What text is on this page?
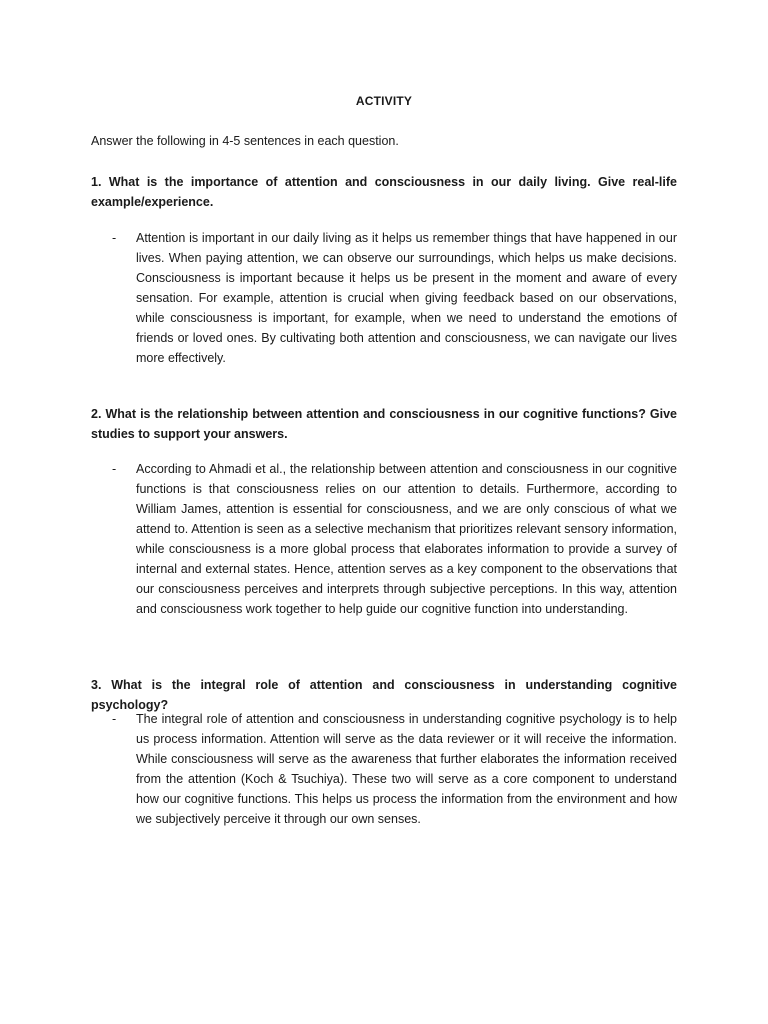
ACTIVITY
Answer the following in 4-5 sentences in each question.
1. What is the importance of attention and consciousness in our daily living. Give real-life example/experience.
- Attention is important in our daily living as it helps us remember things that have happened in our lives. When paying attention, we can observe our surroundings, which helps us make decisions. Consciousness is important because it helps us be present in the moment and aware of every sensation. For example, attention is crucial when giving feedback based on our observations, while consciousness is important, for example, when we need to understand the emotions of friends or loved ones. By cultivating both attention and consciousness, we can navigate our lives more effectively.
2. What is the relationship between attention and consciousness in our cognitive functions? Give studies to support your answers.
- According to Ahmadi et al., the relationship between attention and consciousness in our cognitive functions is that consciousness relies on our attention to details. Furthermore, according to William James, attention is essential for consciousness, and we are only conscious of what we attend to. Attention is seen as a selective mechanism that prioritizes relevant sensory information, while consciousness is a more global process that elaborates information to provide a survey of internal and external states. Hence, attention serves as a key component to the observations that our consciousness perceives and interprets through subjective perceptions. In this way, attention and consciousness work together to help guide our cognitive function into understanding.
3. What is the integral role of attention and consciousness in understanding cognitive psychology?
- The integral role of attention and consciousness in understanding cognitive psychology is to help us process information. Attention will serve as the data reviewer or it will receive the information. While consciousness will serve as the awareness that further elaborates the information received from the attention (Koch & Tsuchiya). These two will serve as a core component to understand how our cognitive functions. This helps us process the information from the environment and how we subjectively perceive it through our own senses.
